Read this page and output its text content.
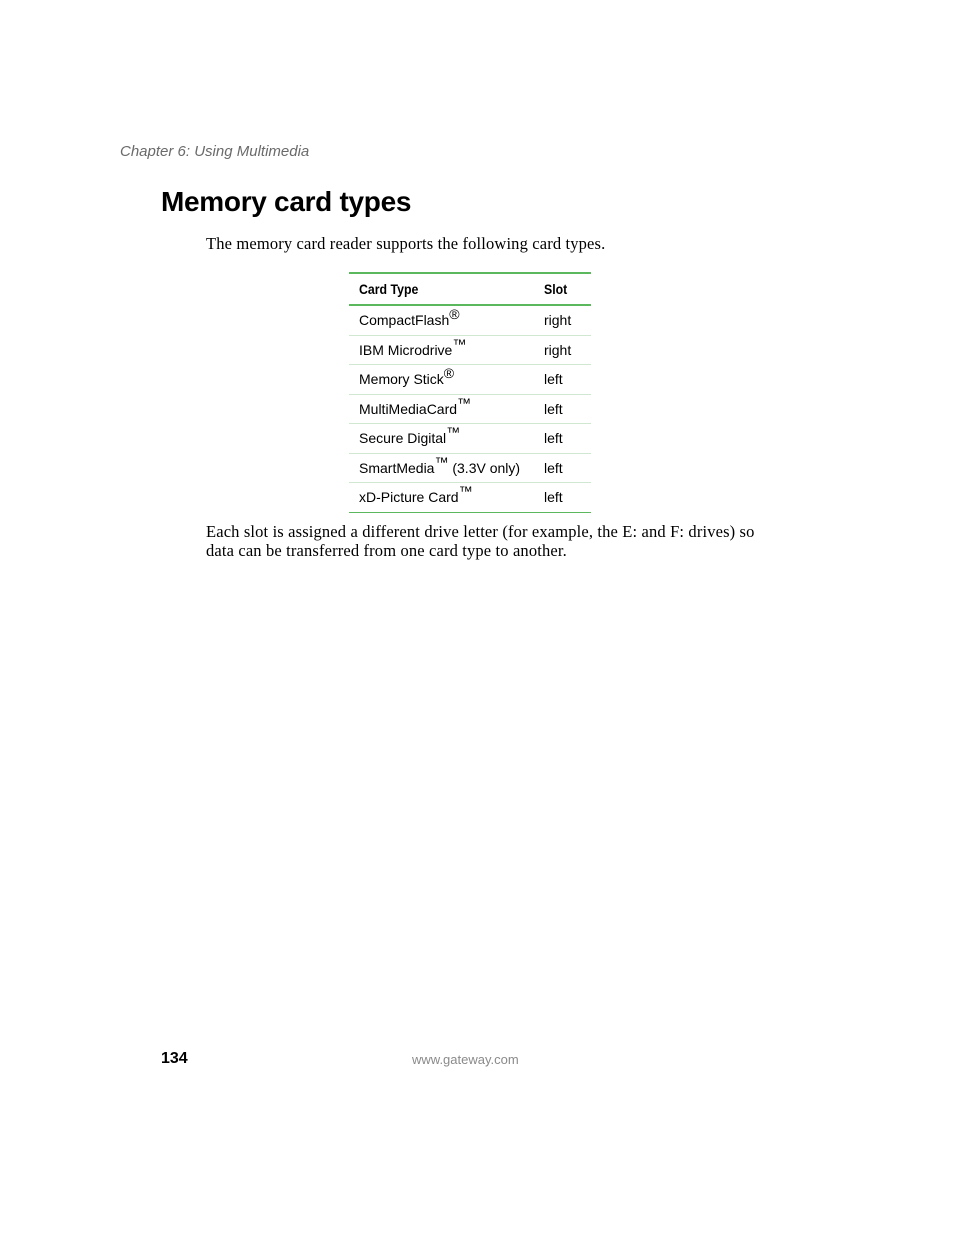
Chapter 6: Using Multimedia
Memory card types

The memory card reader supports the following card types.

Card Type	Slot
CompactFlash®	right
IBM Microdrive™	right
Memory Stick®	left
MultiMediaCard™	left
Secure Digital™	left
SmartMedia™ (3.3V only)	left
xD-Picture Card™	left

Each slot is assigned a different drive letter (for example, the E: and F: drives) so data can be transferred from one card type to another.

134	www.gateway.com
